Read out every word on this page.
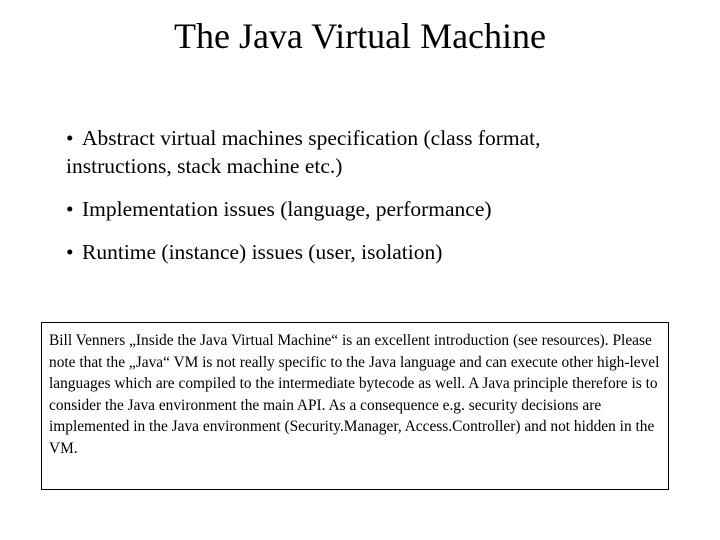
The Java Virtual Machine
• Abstract virtual machines specification (class format, instructions, stack machine etc.)
• Implementation issues (language, performance)
• Runtime (instance) issues (user, isolation)

Bill Venners „Inside the Java Virtual Machine“ is an excellent introduction (see resources). Please note that the „Java“ VM is not really specific to the Java language and can execute other high-level languages which are compiled to the intermediate bytecode as well. A Java principle therefore is to consider the Java environment the main API. As a consequence e.g. security decisions are implemented in the Java environment (Security.Manager, Access.Controller) and not hidden in the VM.
